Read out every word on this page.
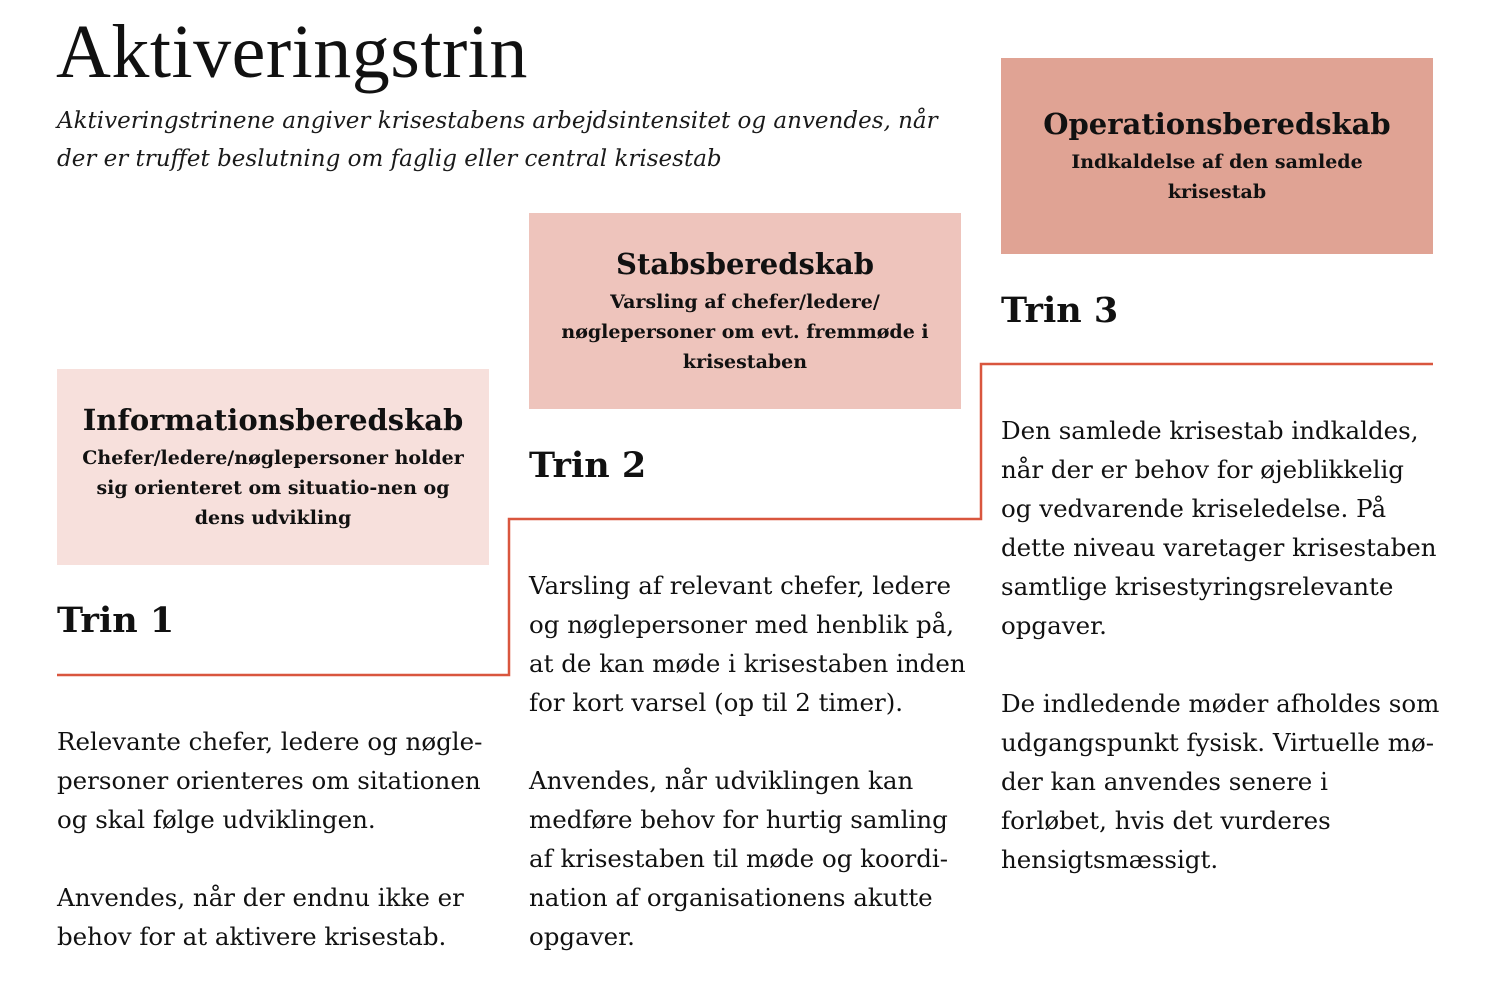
Aktiveringstrin

Aktiveringstrinene angiver krisestabens arbejdsintensitet og anvendes, når der er truffet beslutning om faglig eller central krisestab

Informationsberedskab
Chefer/ledere/nøglepersoner holder sig orienteret om situatio-nen og dens udvikling
Trin 1

Relevante chefer, ledere og nøgle-personer orienteres om sitationen og skal følge udviklingen.

Anvendes, når der endnu ikke er behov for at aktivere krisestab.

Stabsberedskab
Varsling af chefer/ledere/ nøglepersoner om evt. fremmøde i krisestaben
Trin 2

Varsling af relevant chefer, ledere og nøglepersoner med henblik på, at de kan møde i krisestaben inden for kort varsel (op til 2 timer).

Anvendes, når udviklingen kan medføre behov for hurtig samling af krisestaben til møde og koordi-nation af organisationens akutte opgaver.

Operationsberedskab
Indkaldelse af den samlede krisestab
Trin 3

Den samlede krisestab indkaldes, når der er behov for øjeblikkelig og vedvarende kriseledelse. På dette niveau varetager krisestaben samtlige krisestyringsrelevante opgaver.

De indledende møder afholdes som udgangspunkt fysisk. Virtuelle mø-der kan anvendes senere i forløbet, hvis det vurderes hensigtsmæssigt.
